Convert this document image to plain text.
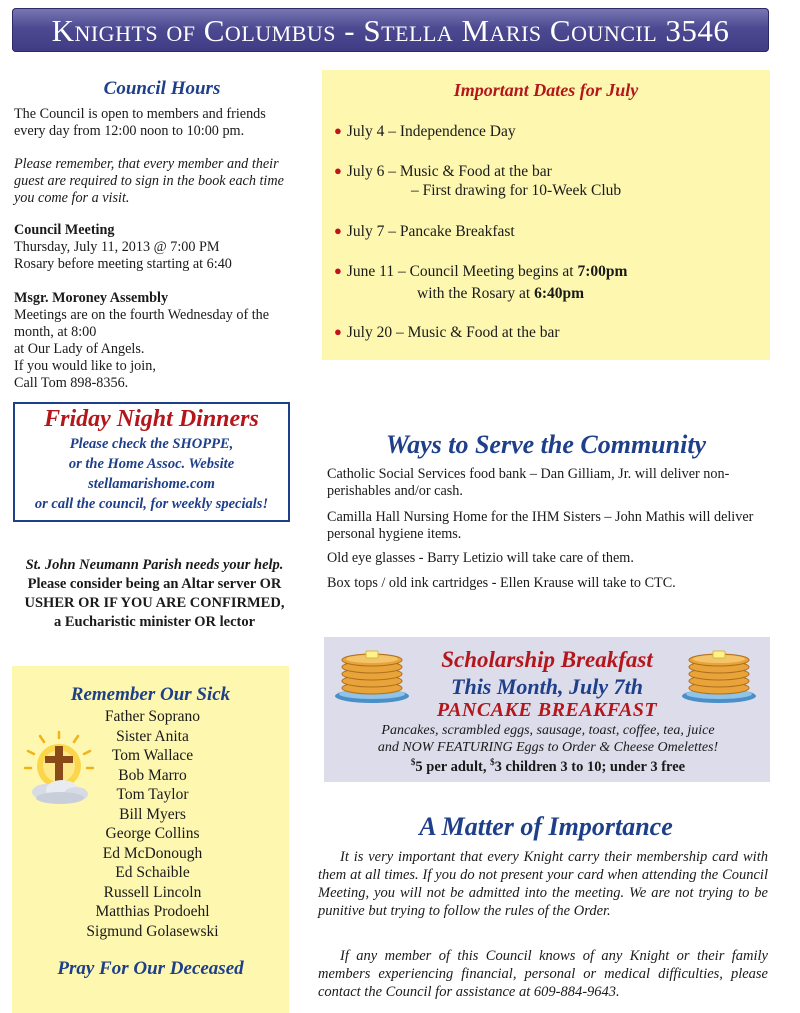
Knights of Columbus - Stella Maris Council 3546
Council Hours

The Council is open to members and friends

every day from 12:00 noon to 10:00 pm.

Please remember, that every member and their

guest are required to sign in the book each time

you come for a visit.

Council Meeting

Thursday, July 11, 2013 @ 7:00 PM

Rosary before meeting starting at 6:40

Msgr. Moroney Assembly

Meetings are on the fourth Wednesday of the

month, at 8:00

at Our Lady of Angels.

If you would like to join,

Call Tom 898-8356.

Friday Night Dinners
Please check the SHOPPE,
or the Home Assoc. Website
stellamarishome.com
or call the council, for weekly specials!
St. John Neumann Parish needs your help.
Please consider being an Altar server OR
USHER OR IF YOU ARE CONFIRMED,
a Eucharistic minister OR lector
Remember Our Sick
Father Soprano
Sister Anita
Tom Wallace
Bob Marro
Tom Taylor
Bill Myers
George Collins
Ed McDonough
Ed Schaible
Russell Lincoln
Matthias Prodoehl
Sigmund Golasewski
Pray For Our Deceased
Important Dates for July
● July 4 – Independence Day
● July 6 – Music & Food at the bar
– First drawing for 10-Week Club
● July 7 – Pancake Breakfast
● June 11 – Council Meeting begins at 7:00pm
with the Rosary at 6:40pm
● July 20 – Music & Food at the bar
Ways to Serve the Community
Catholic Social Services food bank – Dan Gilliam, Jr. will deliver non-perishables and/or cash.
Camilla Hall Nursing Home for the IHM Sisters – John Mathis will deliver personal hygiene items.
Old eye glasses - Barry Letizio will take care of them.
Box tops / old ink cartridges - Ellen Krause will take to CTC.
Scholarship Breakfast
This Month, July 7th
PANCAKE BREAKFAST
Pancakes, scrambled eggs, sausage, toast, coffee, tea, juice
and NOW FEATURING Eggs to Order & Cheese Omelettes!
$5 per adult, $3 children 3 to 10; under 3 free
A Matter of Importance
It is very important that every Knight carry their membership card with them at all times. If you do not present your card when attending the Council Meeting, you will not be admitted into the meeting. We are not trying to be punitive but trying to follow the rules of the Order.
If any member of this Council knows of any Knight or their family members experiencing financial, personal or medical difficulties, please contact the Council for assistance at 609-884-9643.
